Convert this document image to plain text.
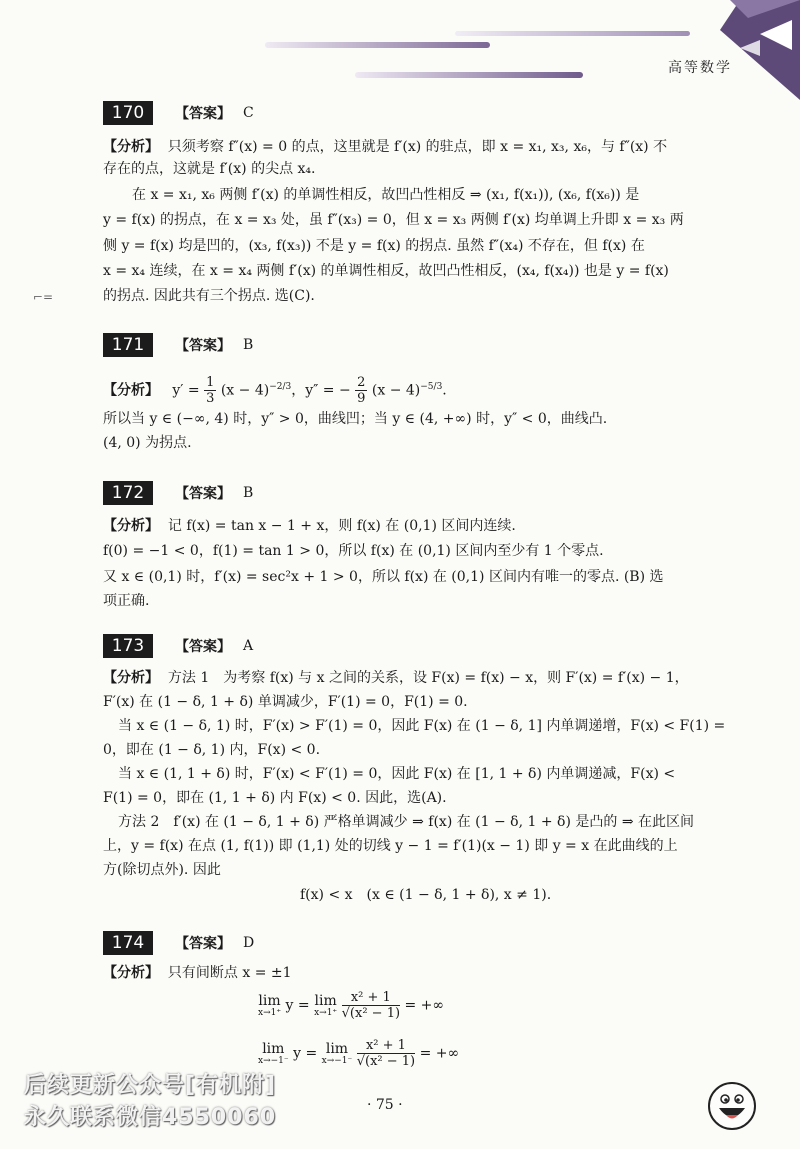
高等数学
⌐=
170	【答案】 C
【分析】 只须考察 f″(x) = 0 的点，这里就是 f′(x) 的驻点，即 x = x₁, x₃, x₆，与 f″(x) 不
存在的点，这就是 f′(x) 的尖点 x₄.
在 x = x₁, x₆ 两侧 f′(x) 的单调性相反，故凹凸性相反 ⇒ (x₁, f(x₁)), (x₆, f(x₆)) 是
y = f(x) 的拐点，在 x = x₃ 处，虽 f″(x₃) = 0，但 x = x₃ 两侧 f′(x) 均单调上升即 x = x₃ 两
侧 y = f(x) 均是凹的，(x₃, f(x₃)) 不是 y = f(x) 的拐点. 虽然 f″(x₄) 不存在，但 f(x) 在
x = x₄ 连续，在 x = x₄ 两侧 f′(x) 的单调性相反，故凹凸性相反，(x₄, f(x₄)) 也是 y = f(x)
的拐点. 因此共有三个拐点. 选(C).
171	【答案】 B
【分析】 $y' = \frac{1}{3} (x - 4)^{-2/3}$，y″ = − $\frac{2}{9} (x - 4)^{-5/3}$.
所以当 y ∈ (−∞, 4) 时，y″ > 0，曲线凹；当 y ∈ (4, +∞) 时，y″ < 0，曲线凸.
(4, 0) 为拐点.
172	【答案】 B
【分析】 记 f(x) = tan x − 1 + x，则 f(x) 在 (0,1) 区间内连续.
f(0) = −1 < 0，f(1) = tan 1 > 0，所以 f(x) 在 (0,1) 区间内至少有 1 个零点.
又 x ∈ (0,1) 时，f′(x) = sec²x + 1 > 0，所以 f(x) 在 (0,1) 区间内有唯一的零点. (B) 选
项正确.
173	【答案】 A
【分析】 方法 1　为考察 f(x) 与 x 之间的关系，设 F(x) = f(x) − x，则 F′(x) = f′(x) − 1，
F′(x) 在 (1 − δ, 1 + δ) 单调减少，F′(1) = 0，F(1) = 0.
当 x ∈ (1 − δ, 1) 时，F′(x) > F′(1) = 0，因此 F(x) 在 (1 − δ, 1] 内单调递增，F(x) < F(1) =
0，即在 (1 − δ, 1) 内，F(x) < 0.
当 x ∈ (1, 1 + δ) 时，F′(x) < F′(1) = 0，因此 F(x) 在 [1, 1 + δ) 内单调递减，F(x) <
F(1) = 0，即在 (1, 1 + δ) 内 F(x) < 0. 因此，选(A).
方法 2　f′(x) 在 (1 − δ, 1 + δ) 严格单调减少 ⇒ f(x) 在 (1 − δ, 1 + δ) 是凸的 ⇒ 在此区间
上，y = f(x) 在点 (1, f(1)) 即 (1,1) 处的切线 y − 1 = f′(1)(x − 1) 即 y = x 在此曲线的上
方(除切点外). 因此
f(x) < x　(x ∈ (1 − δ, 1 + δ), x ≠ 1).
174	【答案】 D
【分析】 只有间断点 x = ±1
lim
x→1⁺ y = lim
x→1⁺
$\frac{\text{x² + 1}}{\text{√(x² − 1)}}$ = +∞
lim
x→−1⁻ y = lim
x→−1⁻
$\frac{\text{x² + 1}}{\text{√(x² − 1)}}$ = +∞
后续更新公众号[有机附]
永久联系微信4550060	· 75 ·
